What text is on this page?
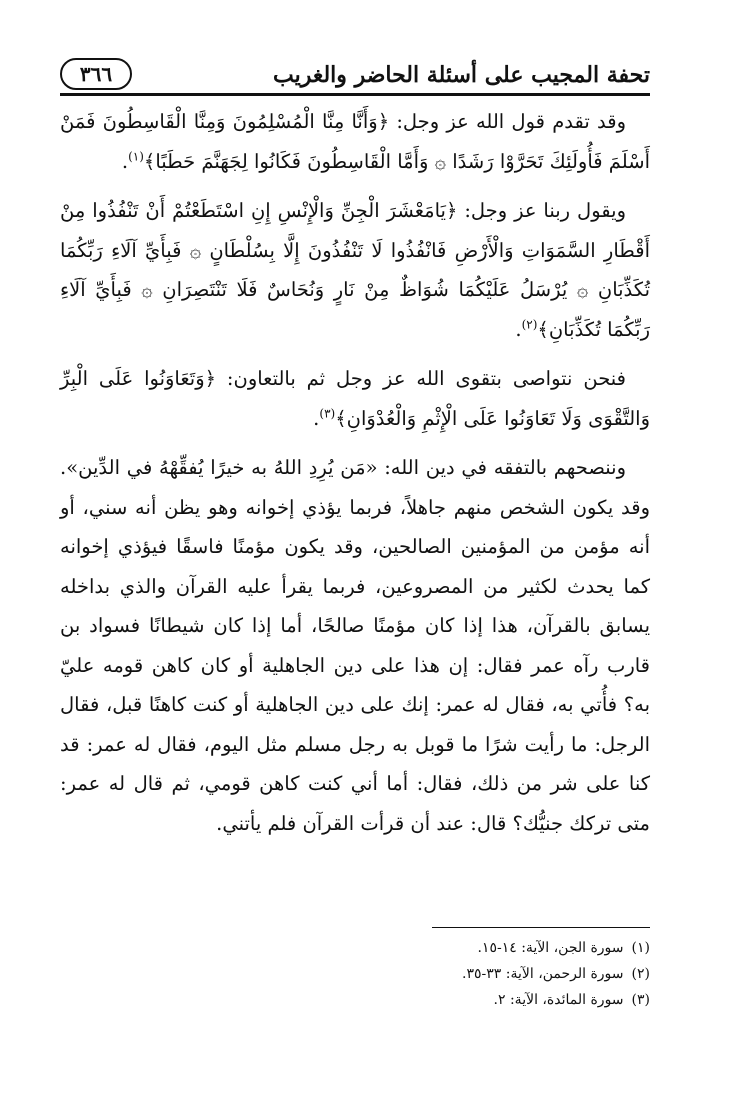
تحفة المجيب على أسئلة الحاضر والغريب
٣٦٦

وقد تقدم قول الله عز وجل: ﴿وَأَنَّا مِنَّا الْمُسْلِمُونَ وَمِنَّا الْقَاسِطُونَ فَمَنْ أَسْلَمَ فَأُولَئِكَ تَحَرَّوْا رَشَدًا ۞ وَأَمَّا الْقَاسِطُونَ فَكَانُوا لِجَهَنَّمَ حَطَبًا﴾$^{(١)}$.

ويقول ربنا عز وجل: ﴿يَامَعْشَرَ الْجِنِّ وَالْإِنْسِ إِنِ اسْتَطَعْتُمْ أَنْ تَنْفُذُوا مِنْ أَقْطَارِ السَّمَوَاتِ وَالْأَرْضِ فَانْفُذُوا لَا تَنْفُذُونَ إِلَّا بِسُلْطَانٍ ۞ فَبِأَيِّ آلَاءِ رَبِّكُمَا تُكَذِّبَانِ ۞ يُرْسَلُ عَلَيْكُمَا شُوَاظٌ مِنْ نَارٍ وَنُحَاسٌ فَلَا تَنْتَصِرَانِ ۞ فَبِأَيِّ آلَاءِ رَبِّكُمَا تُكَذِّبَانِ﴾$^{(٢)}$.

فنحن نتواصى بتقوى الله عز وجل ثم بالتعاون: ﴿وَتَعَاوَنُوا عَلَى الْبِرِّ وَالتَّقْوَى وَلَا تَعَاوَنُوا عَلَى الْإِثْمِ وَالْعُدْوَانِ﴾$^{(٣)}$.

وننصحهم بالتفقه في دين الله: «مَن يُرِدِ اللهُ به خيرًا يُفقِّهْهُ في الدِّين». وقد يكون الشخص منهم جاهلاً، فربما يؤذي إخوانه وهو يظن أنه سني، أو أنه مؤمن من المؤمنين الصالحين، وقد يكون مؤمنًا فاسقًا فيؤذي إخوانه كما يحدث لكثير من المصروعين، فربما يقرأ عليه القرآن والذي بداخله يسابق بالقرآن، هذا إذا كان مؤمنًا صالحًا، أما إذا كان شيطانًا فسواد بن قارب رآه عمر فقال: إن هذا على دين الجاهلية أو كان كاهن قومه عليّ به؟ فأُتي به، فقال له عمر: إنك على دين الجاهلية أو كنت كاهنًا قبل، فقال الرجل: ما رأيت شرًا ما قوبل به رجل مسلم مثل اليوم، فقال له عمر: قد كنا على شر من ذلك، فقال: أما أني كنت كاهن قومي، ثم قال له عمر: متى تركك جنيُّك؟ قال: عند أن قرأت القرآن فلم يأتني.

(١)
سورة الجن، الآية: ١٤-١٥.
(٢)
سورة الرحمن، الآية: ٣٣-٣٥.
(٣)
سورة المائدة، الآية: ٢.
